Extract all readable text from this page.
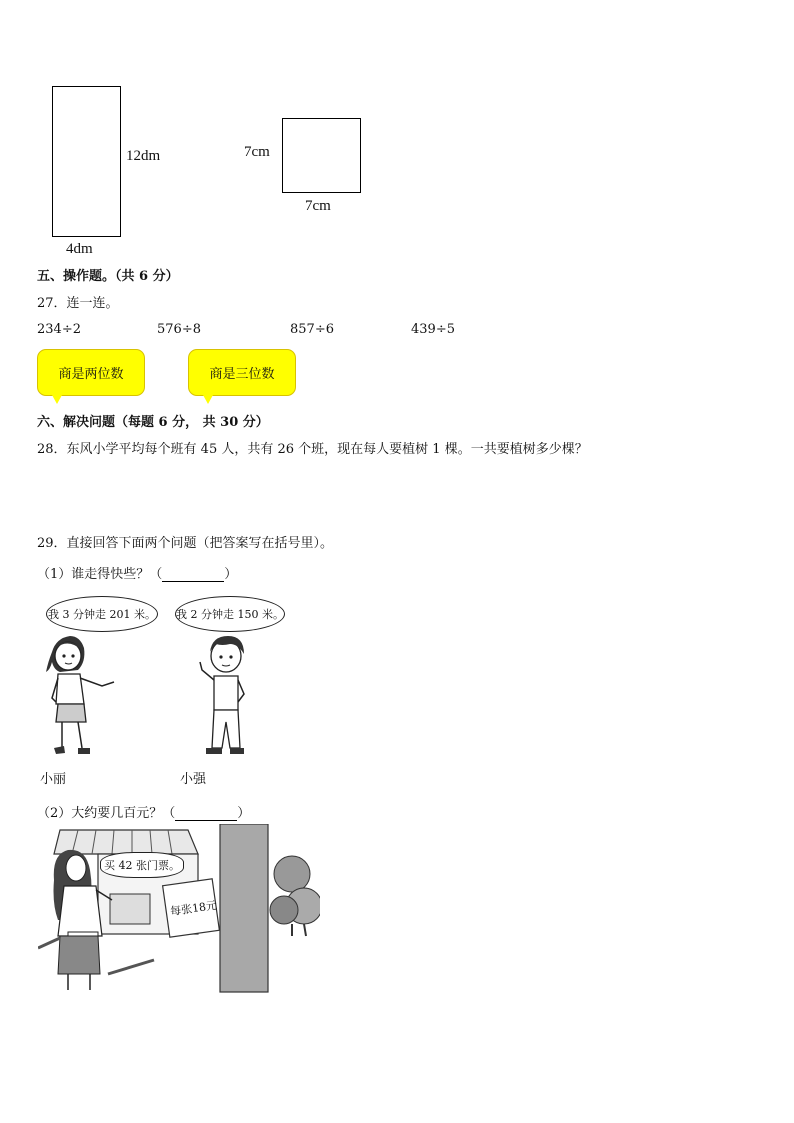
12dm
4dm
7cm
7cm
五、操作题。（共 6 分）
27．连一连。
234÷2	576÷8	857÷6	439÷5
商是两位数	商是三位数
六、解决问题（每题 6 分， 共 30 分）
28．东风小学平均每个班有 45 人，共有 26 个班，现在每人要植树 1 棵。一共要植树多少棵？
29．直接回答下面两个问题（把答案写在括号里）。
（1）谁走得快些？（	）
我 3 分钟走 201 米。 我 2 分钟走 150 米。
小丽	小强
（2）大约要几百元？（	）
买 42 张门票。
每张18元
